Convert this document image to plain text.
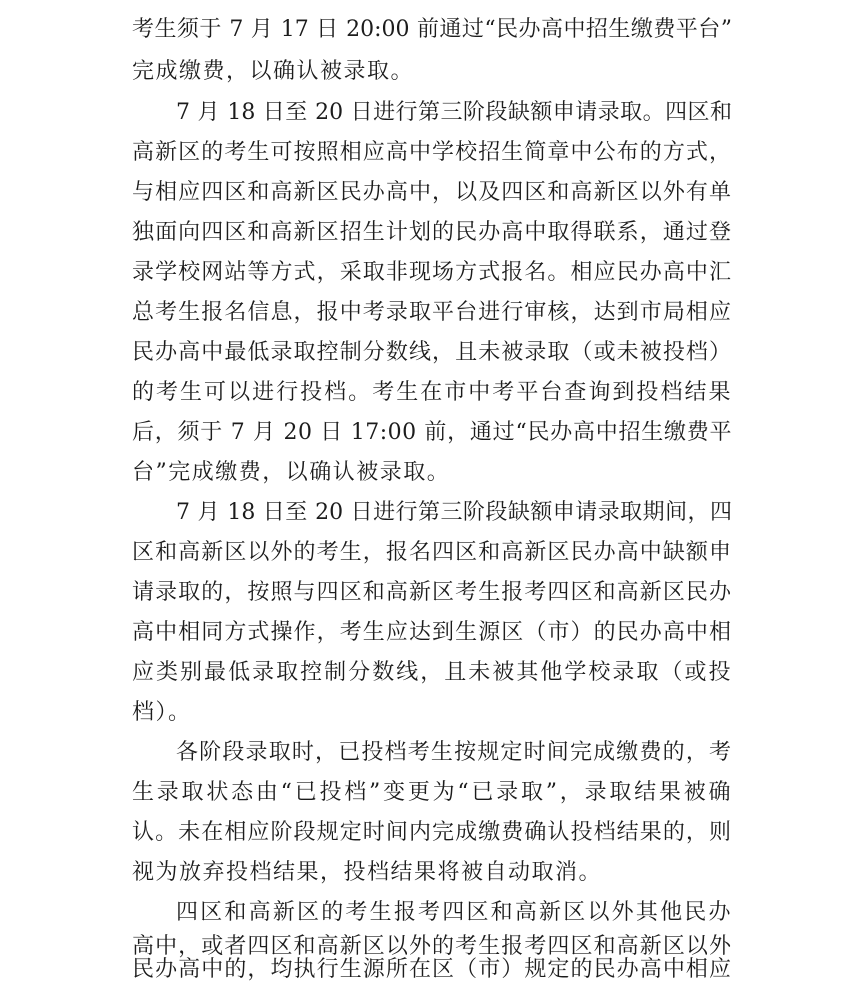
考生须于 7 月 17 日 20:00 前通过“民办高中招生缴费平台”
完成缴费，以确认被录取。
7 月 18 日至 20 日进行第三阶段缺额申请录取。四区和
高新区的考生可按照相应高中学校招生简章中公布的方式，
与相应四区和高新区民办高中，以及四区和高新区以外有单
独面向四区和高新区招生计划的民办高中取得联系，通过登
录学校网站等方式，采取非现场方式报名。相应民办高中汇
总考生报名信息，报中考录取平台进行审核，达到市局相应
民办高中最低录取控制分数线，且未被录取（或未被投档）
的考生可以进行投档。考生在市中考平台查询到投档结果
后，须于 7 月 20 日 17:00 前，通过“民办高中招生缴费平
台”完成缴费，以确认被录取。
7 月 18 日至 20 日进行第三阶段缺额申请录取期间，四
区和高新区以外的考生，报名四区和高新区民办高中缺额申
请录取的，按照与四区和高新区考生报考四区和高新区民办
高中相同方式操作，考生应达到生源区（市）的民办高中相
应类别最低录取控制分数线，且未被其他学校录取（或投
档）。
各阶段录取时，已投档考生按规定时间完成缴费的，考
生录取状态由“已投档”变更为“已录取”，录取结果被确
认。未在相应阶段规定时间内完成缴费确认投档结果的，则
视为放弃投档结果，投档结果将被自动取消。
四区和高新区的考生报考四区和高新区以外其他民办
高中，或者四区和高新区以外的考生报考四区和高新区以外
民办高中的，均执行生源所在区（市）规定的民办高中相应
